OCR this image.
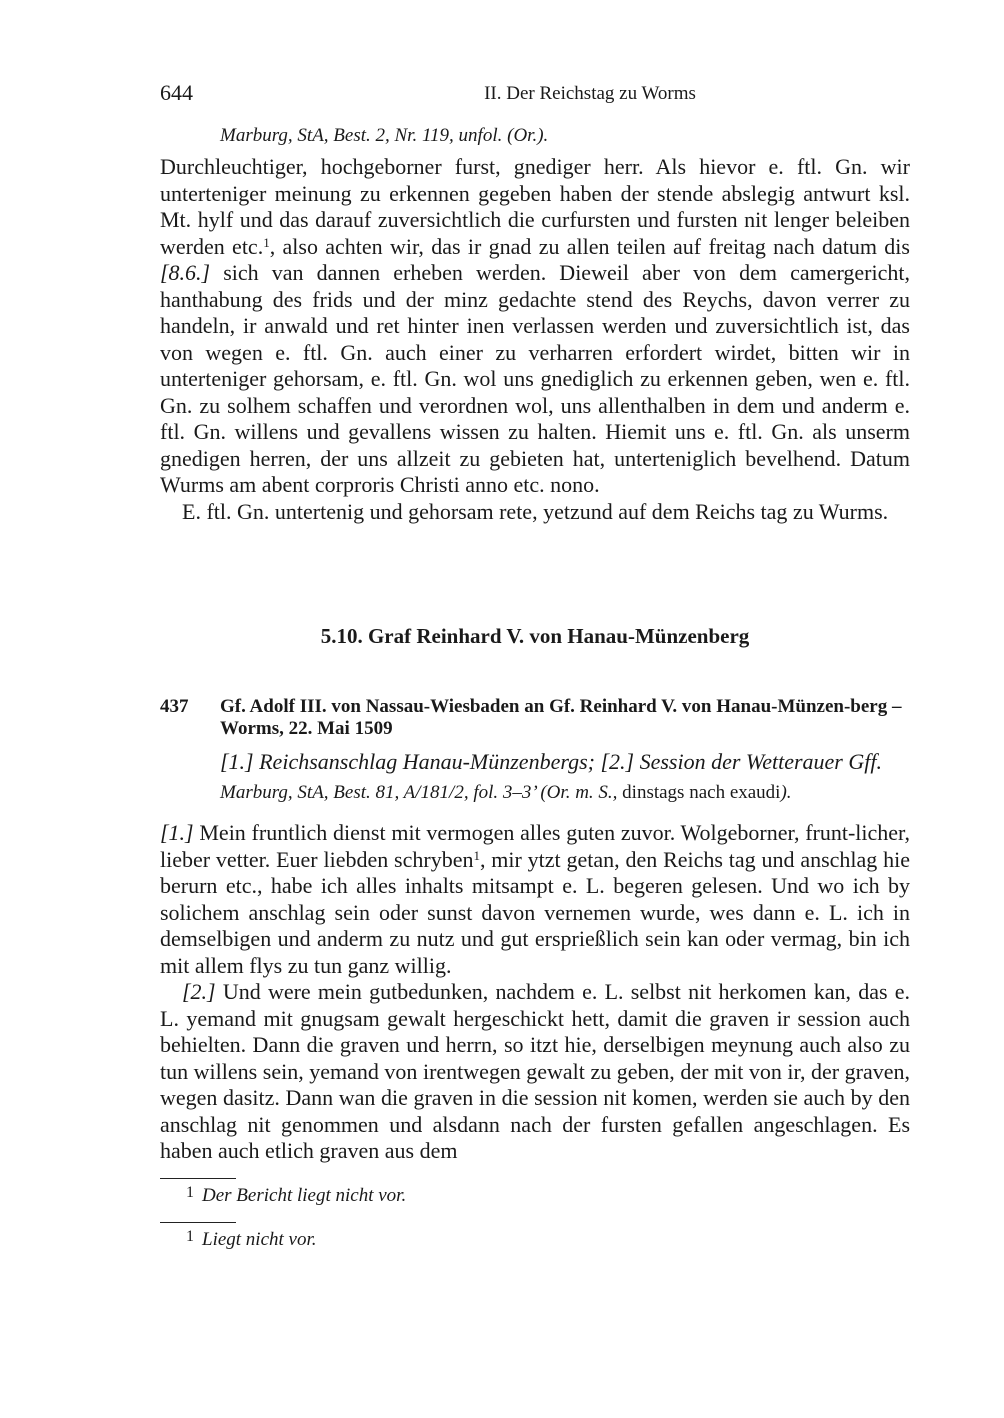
644	II. Der Reichstag zu Worms
Marburg, StA, Best. 2, Nr. 119, unfol. (Or.).

Durchleuchtiger, hochgeborner furst, gnediger herr. Als hievor e. ftl. Gn. wir unterteniger meinung zu erkennen gegeben haben der stende abslegig antwurt ksl. Mt. hylf und das darauf zuversichtlich die curfursten und fursten nit lenger beleiben werden etc.$^1$, also achten wir, das ir gnad zu allen teilen auf freitag nach datum dis [8.6.] sich van dannen erheben werden. Dieweil aber von dem camergericht, hanthabung des frids und der minz gedachte stend des Reychs, davon verrer zu handeln, ir anwald und ret hinter inen verlassen werden und zuversichtlich ist, das von wegen e. ftl. Gn. auch einer zu verharren erfordert wirdet, bitten wir in unterteniger gehorsam, e. ftl. Gn. wol uns gnediglich zu erkennen geben, wen e. ftl. Gn. zu solhem schaffen und verordnen wol, uns allenthalben in dem und anderm e. ftl. Gn. willens und gevallens wissen zu halten. Hiemit uns e. ftl. Gn. als unserm gnedigen herren, der uns allzeit zu gebieten hat, unterteniglich bevelhend. Datum Wurms am abent corproris Christi anno etc. nono.

E. ftl. Gn. untertenig und gehorsam rete, yetzund auf dem Reichs tag zu Wurms.

5.10. Graf Reinhard V. von Hanau-Münzenberg
437 Gf. Adolf III. von Nassau-Wiesbaden an Gf. Reinhard V. von Hanau-Münzen-berg – Worms, 22. Mai 1509
[1.] Reichsanschlag Hanau-Münzenbergs; [2.] Session der Wetterauer Gff.
Marburg, StA, Best. 81, A/181/2, fol. 3–3’ (Or. m. S., dinstags nach exaudi).

[1.] Mein fruntlich dienst mit vermogen alles guten zuvor. Wolgeborner, frunt-licher, lieber vetter. Euer liebden schryben$^1$, mir ytzt getan, den Reichs tag und anschlag hie berurn etc., habe ich alles inhalts mitsampt e. L. begeren gelesen. Und wo ich by solichem anschlag sein oder sunst davon vernemen wurde, wes dann e. L. ich in demselbigen und anderm zu nutz und gut ersprießlich sein kan oder vermag, bin ich mit allem flys zu tun ganz willig.

[2.] Und were mein gutbedunken, nachdem e. L. selbst nit herkomen kan, das e. L. yemand mit gnugsam gewalt hergeschickt hett, damit die graven ir session auch behielten. Dann die graven und herrn, so itzt hie, derselbigen meynung auch also zu tun willens sein, yemand von irentwegen gewalt zu geben, der mit von ir, der graven, wegen dasitz. Dann wan die graven in die session nit komen, werden sie auch by den anschlag nit genommen und alsdann nach der fursten gefallen angeschlagen. Es haben auch etlich graven aus dem

$^1$ Der Bericht liegt nicht vor.
$^1$ Liegt nicht vor.
